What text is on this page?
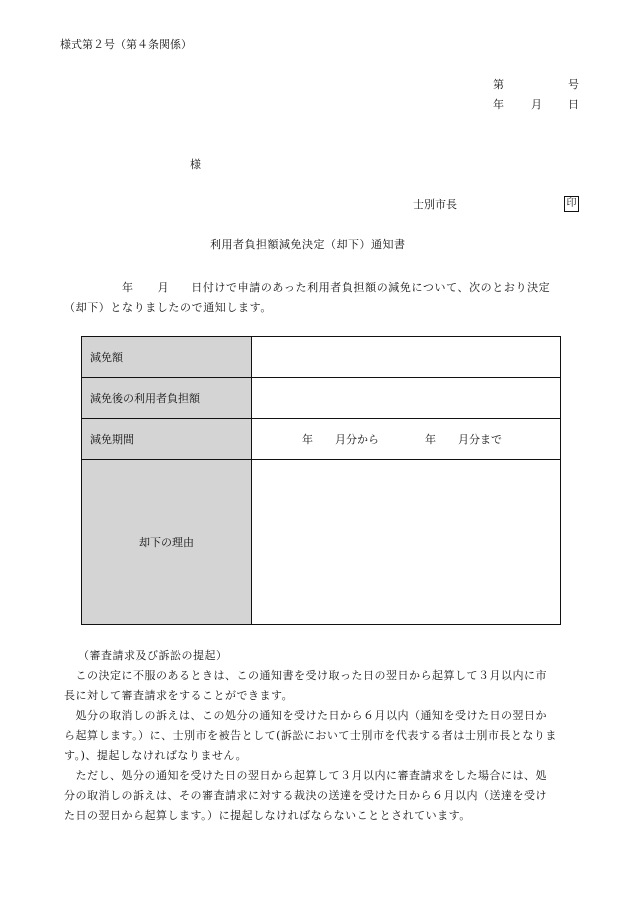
様式第２号（第４条関係）
第	号
年 月 日
様
士別市長	印
利用者負担額減免決定（却下）通知書
年 月 日付けで申請のあった利用者負担額の減免について、次のとおり決定
（却下）となりましたので通知します。
減免額	
減免後の利用者負担額	
減免期間	年 月分から 年 月分まで

却下の理由	
（審査請求及び訴訟の提起）
　この決定に不服のあるときは、この通知書を受け取った日の翌日から起算して３月以内に市
長に対して審査請求をすることができます。
　処分の取消しの訴えは、この処分の通知を受けた日から６月以内（通知を受けた日の翌日か
ら起算します。）に、士別市を被告として(訴訟において士別市を代表する者は士別市長となりま
す。)、提起しなければなりません。
　ただし、処分の通知を受けた日の翌日から起算して３月以内に審査請求をした場合には、処
分の取消しの訴えは、その審査請求に対する裁決の送達を受けた日から６月以内（送達を受け
た日の翌日から起算します。）に提起しなければならないこととされています。
